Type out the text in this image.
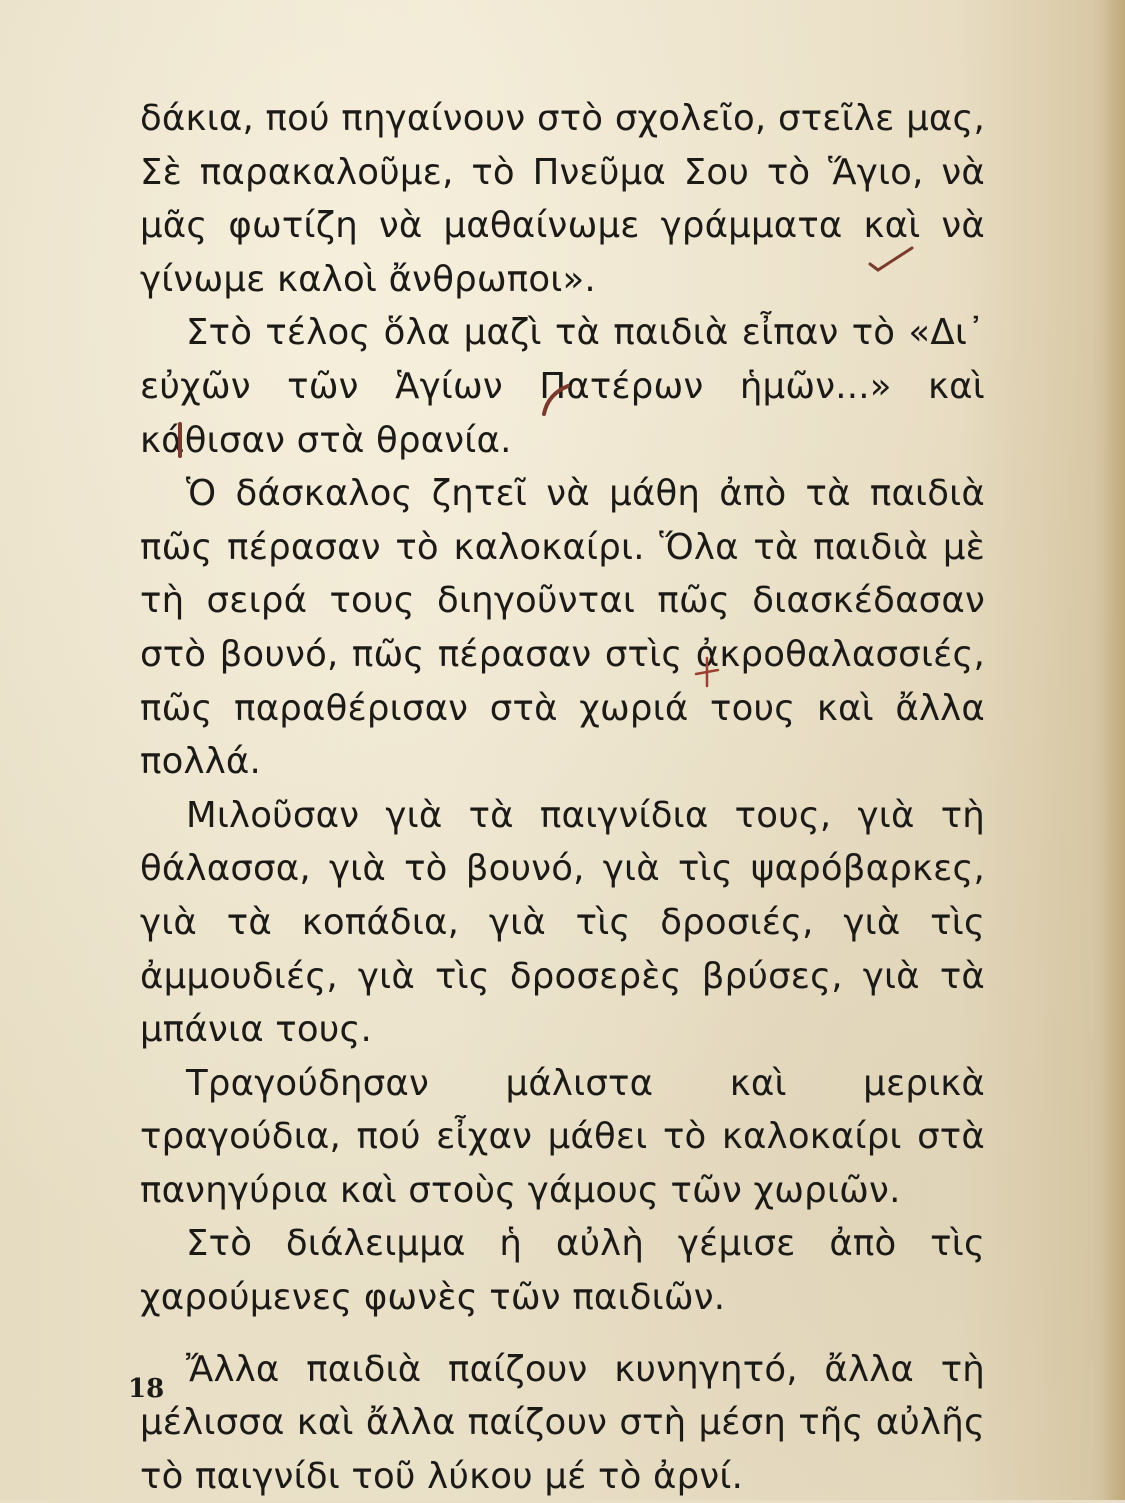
δάκια, πού πηγαίνουν στὸ σχολεῖο, στεῖλε μας, Σὲ παρακαλοῦμε, τὸ Πνεῦμα Σου τὸ Ἅγιο, νὰ μᾶς φωτίζη νὰ μαθαίνωμε γράμματα καὶ νὰ γίνωμε καλοὶ ἄνθρωποι».

Στὸ τέλος ὅλα μαζὶ τὰ παιδιὰ εἶπαν τὸ «Δι᾽ εὐχῶν τῶν Ἁγίων Πατέρων ἡμῶν...» καὶ κάθισαν στὰ θρανία.

Ὁ δάσκαλος ζητεῖ νὰ μάθη ἀπὸ τὰ παιδιὰ πῶς πέρασαν τὸ καλοκαίρι. Ὅλα τὰ παιδιὰ μὲ τὴ σειρά τους διηγοῦνται πῶς διασκέδασαν στὸ βουνό, πῶς πέρασαν στὶς ἀκροθαλασσιές, πῶς παραθέρισαν στὰ χωριά τους καὶ ἄλλα πολλά.

Μιλοῦσαν γιὰ τὰ παιγνίδια τους, γιὰ τὴ θάλασσα, γιὰ τὸ βουνό, γιὰ τὶς ψαρόβαρκες, γιὰ τὰ κοπάδια, γιὰ τὶς δροσιές, γιὰ τὶς ἀμμουδιές, γιὰ τὶς δροσερὲς βρύσες, γιὰ τὰ μπάνια τους.

Τραγούδησαν μάλιστα καὶ μερικὰ τραγούδια, πού εἶχαν μάθει τὸ καλοκαίρι στὰ πανηγύρια καὶ στοὺς γάμους τῶν χωριῶν.

Στὸ διάλειμμα ἡ αὐλὴ γέμισε ἀπὸ τὶς χαρούμενες φωνὲς τῶν παιδιῶν.

Ἄλλα παιδιὰ παίζουν κυνηγητό, ἄλλα τὴ μέλισσα καὶ ἄλλα παίζουν στὴ μέση τῆς αὐλῆς τὸ παιγνίδι τοῦ λύκου μέ τὸ ἀρνί.

18
